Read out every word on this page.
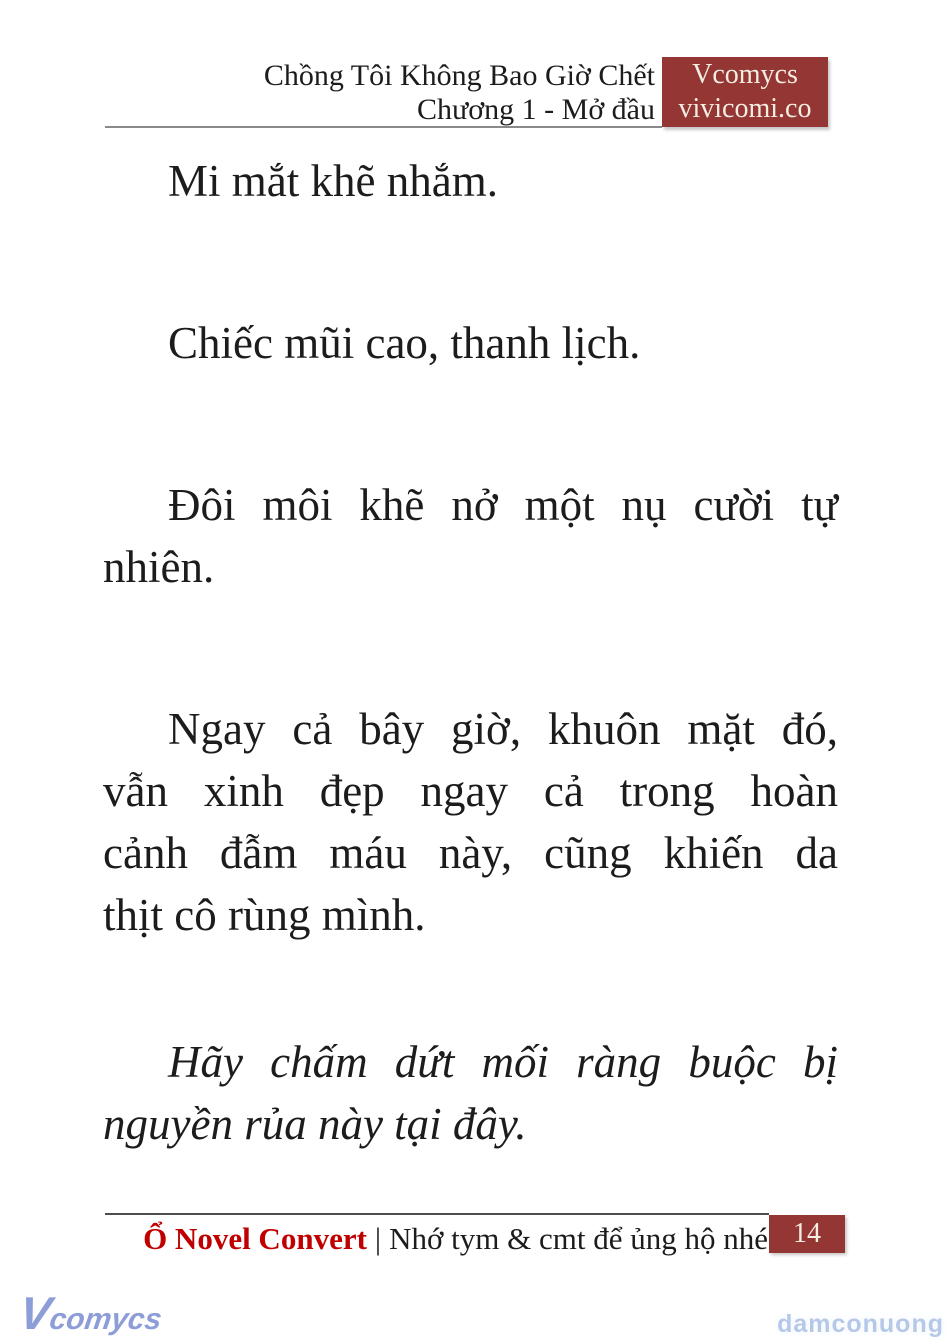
Chồng Tôi Không Bao Giờ Chết
Chương 1 - Mở đầu
Vcomycs
vivicomi.co
Mi mắt khẽ nhắm.
Chiếc mũi cao, thanh lịch.
Đôi môi khẽ nở một nụ cười tự
nhiên.
Ngay cả bây giờ, khuôn mặt đó,
vẫn xinh đẹp ngay cả trong hoàn
cảnh đẫm máu này, cũng khiến da
thịt cô rùng mình.
Hãy chấm dứt mối ràng buộc bị
nguyền rủa này tại đây.
Ổ Novel Convert | Nhớ tym & cmt để ủng hộ nhé 14
Vcomycs	damconuong
